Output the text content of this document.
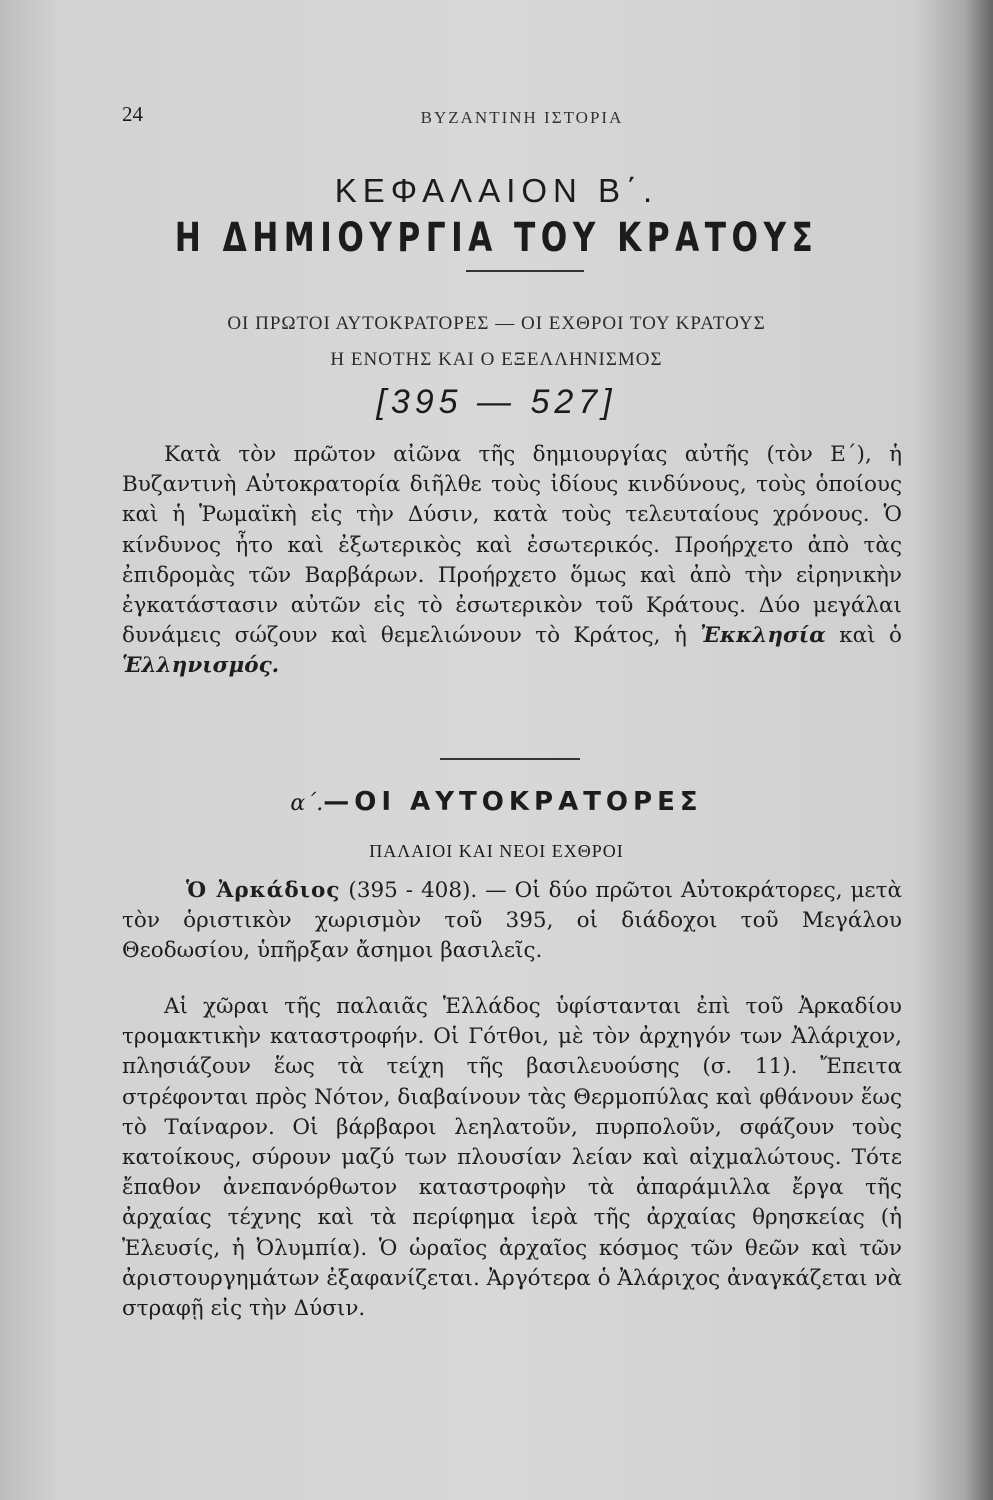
24	ΒΥΖΑΝΤΙΝΗ ΙΣΤΟΡΙΑ
ΚΕΦΑΛΑΙΟΝ Β΄.
Η ΔΗΜΙΟΥΡΓΙΑ ΤΟΥ ΚΡΑΤΟΥΣ
ΟΙ ΠΡΩΤΟΙ ΑΥΤΟΚΡΑΤΟΡΕΣ — ΟΙ ΕΧΘΡΟΙ ΤΟΥ ΚΡΑΤΟΥΣ
Η ΕΝΟΤΗΣ ΚΑΙ Ο ΕΞΕΛΛΗΝΙΣΜΟΣ
[395 — 527]
Κατὰ τὸν πρῶτον αἰῶνα τῆς δημιουργίας αὐτῆς (τὸν Ε΄), ἡ Βυζαντινὴ Αὐτοκρατορία διῆλθε τοὺς ἰδίους κινδύνους, τοὺς ὁποίους καὶ ἡ Ῥωμαϊκὴ εἰς τὴν Δύσιν, κατὰ τοὺς τελευταίους χρόνους. Ὁ κίνδυνος ἦτο καὶ ἐξωτερικὸς καὶ ἐσωτερικός. Προήρχετο ἀπὸ τὰς ἐπιδρομὰς τῶν Βαρβάρων. Προήρχετο ὅμως καὶ ἀπὸ τὴν εἰρηνικὴν ἐγκατάστασιν αὐτῶν εἰς τὸ ἐσωτερικὸν τοῦ Κράτους. Δύο μεγάλαι δυνάμεις σώζουν καὶ θεμελιώνουν τὸ Κράτος, ἡ Ἐκκλησία καὶ ὁ Ἑλληνισμός.
α΄.—ΟΙ ΑΥΤΟΚΡΑΤΟΡΕΣ
ΠΑΛΑΙΟΙ ΚΑΙ ΝΕΟΙ ΕΧΘΡΟΙ
Ὁ Ἀρκάδιος (395 - 408). — Οἱ δύο πρῶτοι Αὐτοκράτορες, μετὰ τὸν ὁριστικὸν χωρισμὸν τοῦ 395, οἱ διάδοχοι τοῦ Μεγάλου Θεοδωσίου, ὑπῆρξαν ἄσημοι βασιλεῖς.
Αἱ χῶραι τῆς παλαιᾶς Ἑλλάδος ὑφίστανται ἐπὶ τοῦ Ἀρκαδίου τρομακτικὴν καταστροφήν. Οἱ Γότθοι, μὲ τὸν ἀρχηγόν των Ἀλάριχον, πλησιάζουν ἕως τὰ τείχη τῆς βασιλευούσης (σ. 11). Ἔπειτα στρέφονται πρὸς Νότον, διαβαίνουν τὰς Θερμοπύλας καὶ φθάνουν ἕως τὸ Ταίναρον. Οἱ βάρβαροι λεηλατοῦν, πυρπολοῦν, σφάζουν τοὺς κατοίκους, σύρουν μαζύ των πλουσίαν λείαν καὶ αἰχμαλώτους. Τότε ἔπαθον ἀνεπανόρθωτον καταστροφὴν τὰ ἀπαράμιλλα ἔργα τῆς ἀρχαίας τέχνης καὶ τὰ περίφημα ἱερὰ τῆς ἀρχαίας θρησκείας (ἡ Ἐλευσίς, ἡ Ὀλυμπία). Ὁ ὡραῖος ἀρχαῖος κόσμος τῶν θεῶν καὶ τῶν ἀριστουργημάτων ἐξαφανίζεται. Ἀργότερα ὁ Ἀλάριχος ἀναγκάζεται νὰ στραφῇ εἰς τὴν Δύσιν.
